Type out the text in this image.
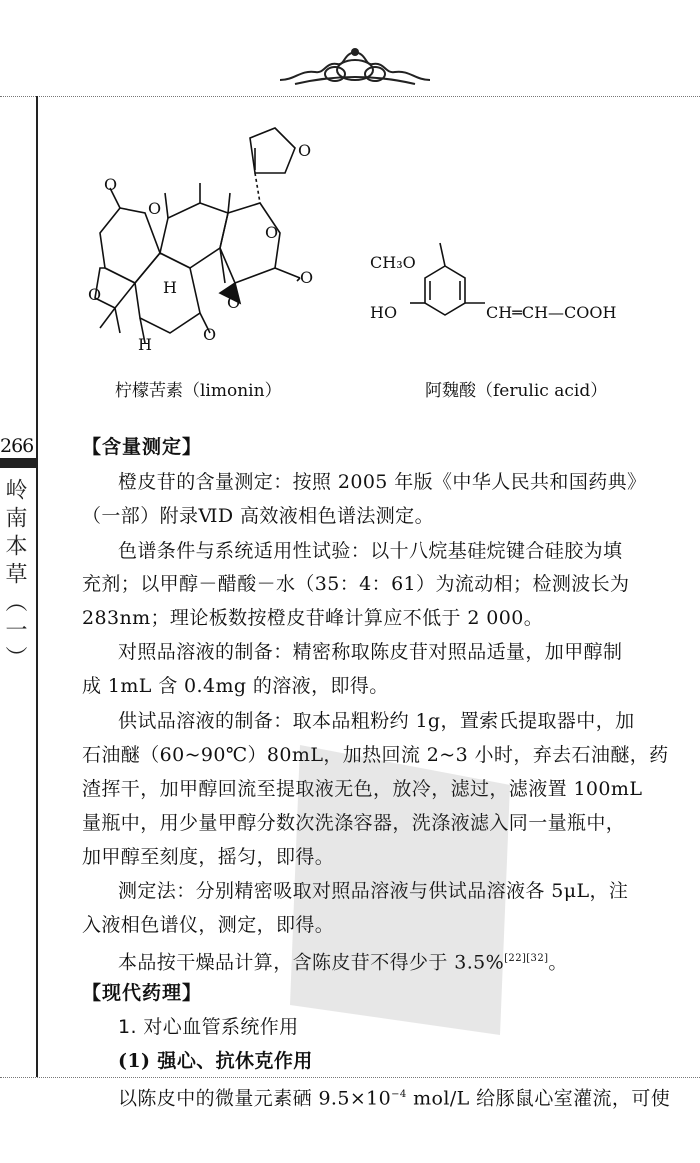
266
岭南本草（一）
O
O
O
O
O
O	O
O
H
H
CH₃O
HO	CH═CH—COOH
柠檬苦素（limonin）	阿魏酸（ferulic acid）
【含量测定】
橙皮苷的含量测定：按照 2005 年版《中华人民共和国药典》
（一部）附录ⅥD 高效液相色谱法测定。
色谱条件与系统适用性试验：以十八烷基硅烷键合硅胶为填
充剂；以甲醇－醋酸－水（35：4：61）为流动相；检测波长为
283nm；理论板数按橙皮苷峰计算应不低于 2 000。
对照品溶液的制备：精密称取陈皮苷对照品适量，加甲醇制
成 1mL 含 0.4mg 的溶液，即得。
供试品溶液的制备：取本品粗粉约 1g，置索氏提取器中，加
石油醚（60~90℃）80mL，加热回流 2~3 小时，弃去石油醚，药
渣挥干，加甲醇回流至提取液无色，放冷，滤过，滤液置 100mL
量瓶中，用少量甲醇分数次洗涤容器，洗涤液滤入同一量瓶中，
加甲醇至刻度，摇匀，即得。
测定法：分别精密吸取对照品溶液与供试品溶液各 5μL，注
入液相色谱仪，测定，即得。
本品按干燥品计算，含陈皮苷不得少于 3.5%[22][32]。
【现代药理】
1. 对心血管系统作用
(1) 强心、抗休克作用
以陈皮中的微量元素硒 $9.5\times 10^{-4}$ mol/L 给豚鼠心室灌流，可使
